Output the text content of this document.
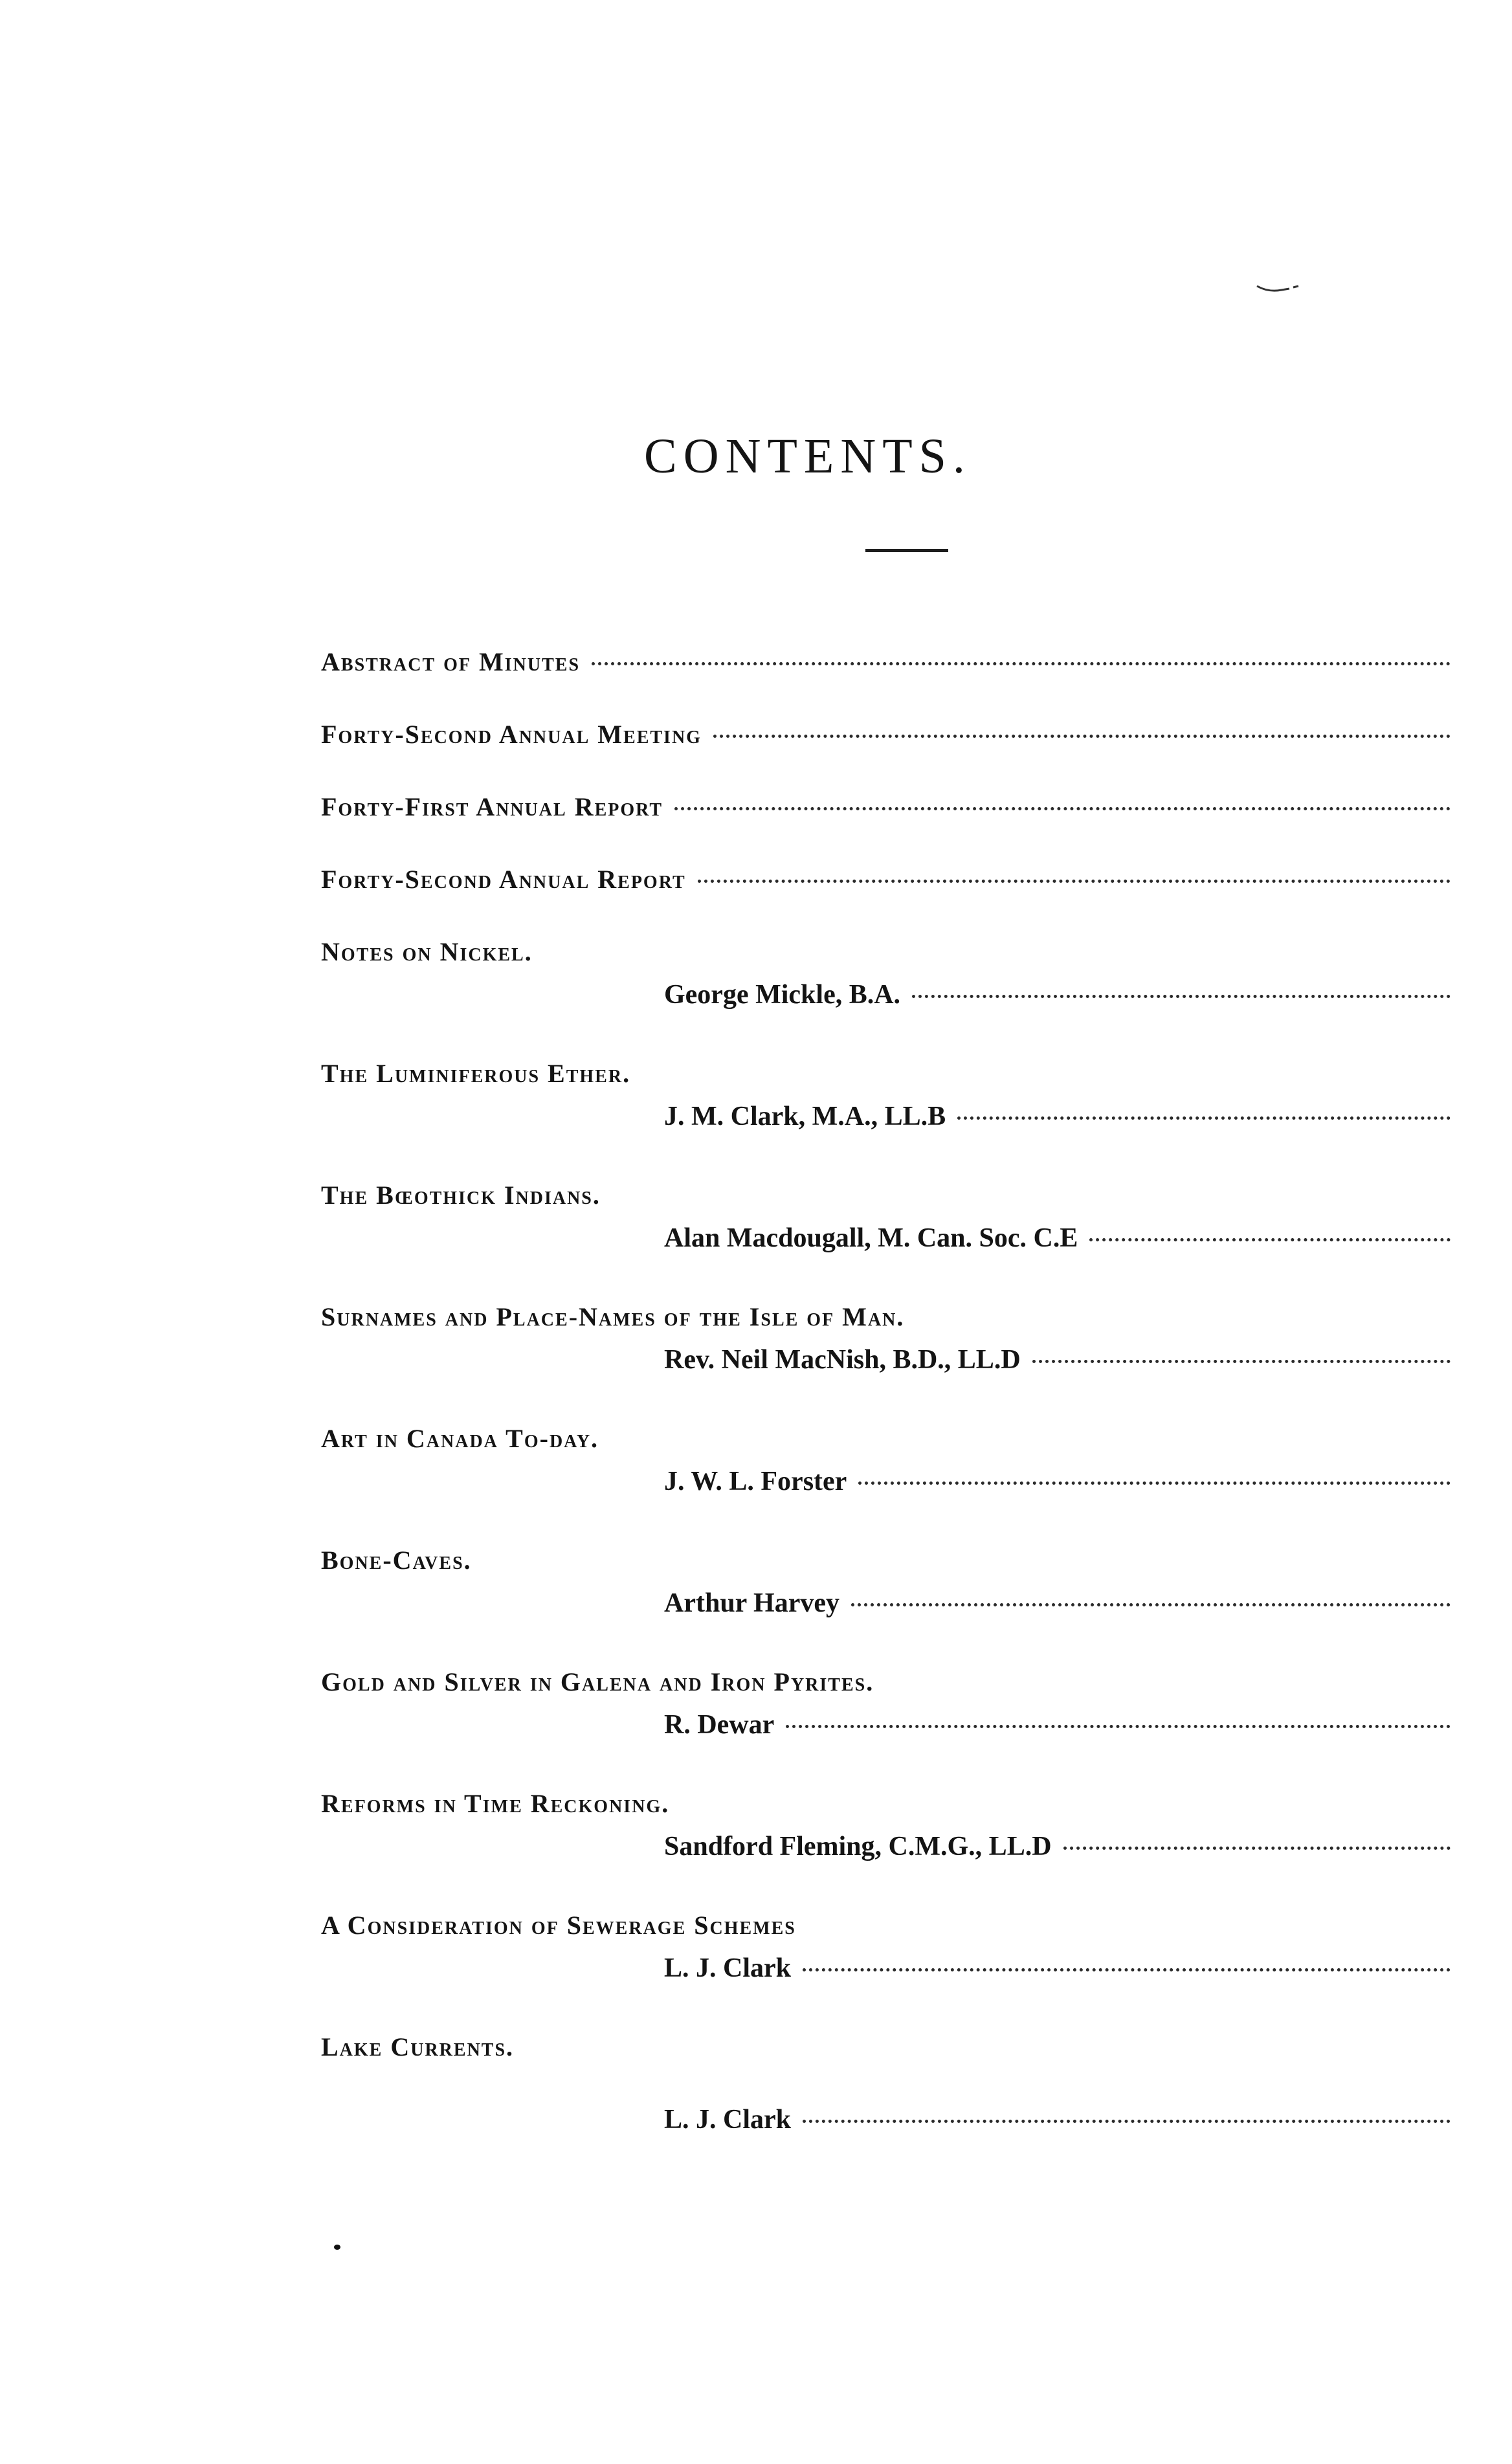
CONTENTS.
Abstract of Minutes
Forty-Second Annual Meeting
Forty-First Annual Report
Forty-Second Annual Report
Notes on Nickel.
George Mickle, B.A.
The Luminiferous Ether.
J. M. Clark, M.A., LL.B
The Bœothick Indians.
Alan Macdougall, M. Can. Soc. C.E
Surnames and Place-Names of the Isle of Man.
Rev. Neil MacNish, B.D., LL.D
Art in Canada To-day.
J. W. L. Forster
Bone-Caves.
Arthur Harvey
Gold and Silver in Galena and Iron Pyrites.
R. Dewar
Reforms in Time Reckoning.
Sandford Fleming, C.M.G., LL.D
A Consideration of Sewerage Schemes
L. J. Clark
Lake Currents.
L. J. Clark
